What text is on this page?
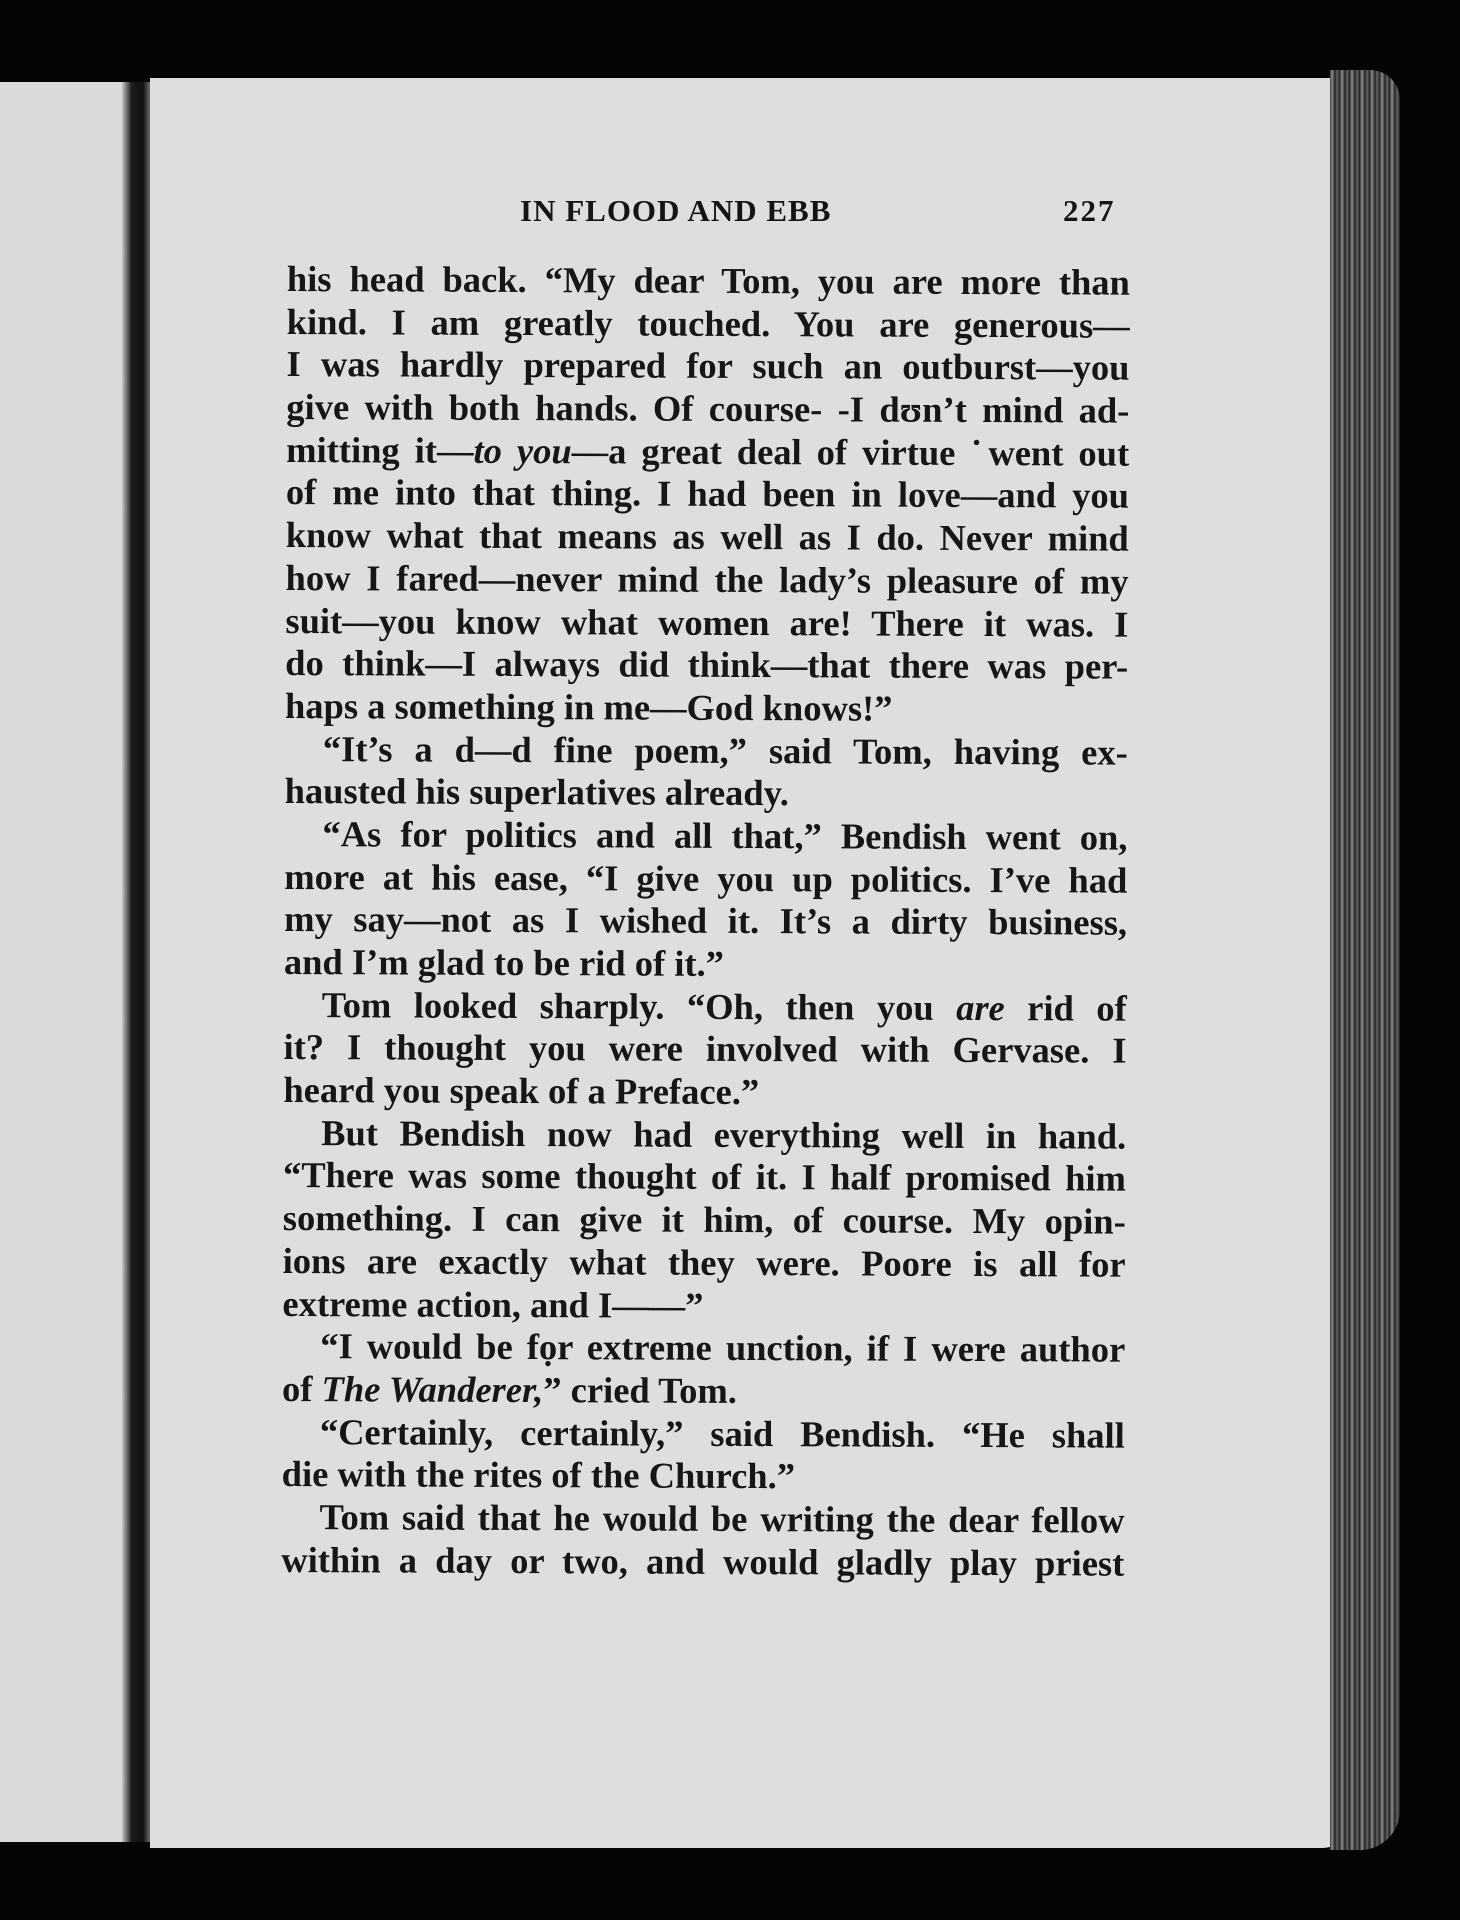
IN FLOOD AND EBB	227
his head back. “My dear Tom, you are more than
kind. I am greatly touched. You are generous—
I was hardly prepared for such an outburst—you
give with both hands. Of course- -I dʊn’t mind ad-
mitting it—to you—a great deal of virtue ˙went out
of me into that thing. I had been in love—and you
know what that means as well as I do. Never mind
how I fared—never mind the lady’s pleasure of my
suit—you know what women are! There it was. I
do think—I always did think—that there was per-
haps a something in me—God knows!”
“It’s a d—d fine poem,” said Tom, having ex-
hausted his superlatives already.
“As for politics and all that,” Bendish went on,
more at his ease, “I give you up politics. I’ve had
my say—not as I wished it. It’s a dirty business,
and I’m glad to be rid of it.”
Tom looked sharply. “Oh, then you are rid of
it? I thought you were involved with Gervase. I
heard you speak of a Preface.”
But Bendish now had everything well in hand.
“There was some thought of it. I half promised him
something. I can give it him, of course. My opin-
ions are exactly what they were. Poore is all for
extreme action, and I——”
“I would be fọr extreme unction, if I were author
of The Wanderer,” cried Tom.
“Certainly, certainly,” said Bendish. “He shall
die with the rites of the Church.”
Tom said that he would be writing the dear fellow
within a day or two, and would gladly play priest
